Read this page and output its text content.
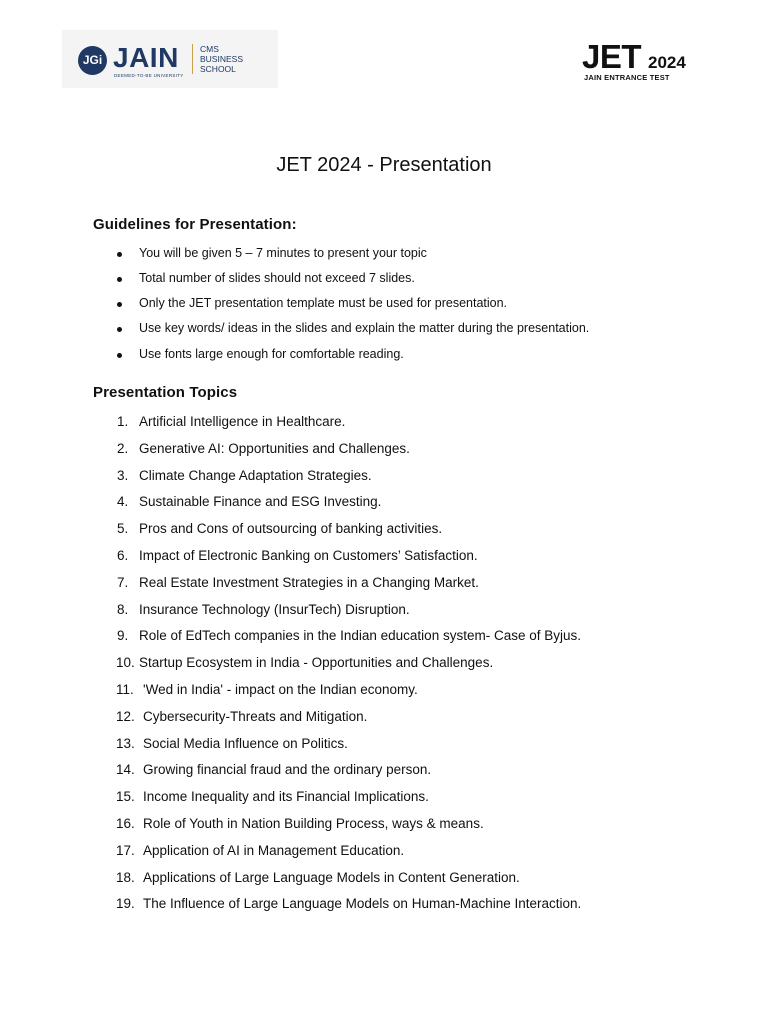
JGi JAIN
DEEMED-TO-BE UNIVERSITY
CMS
BUSINESS
SCHOOL	JET 2024
JAIN ENTRANCE TEST
JET 2024 - Presentation
Guidelines for Presentation:
You will be given 5 – 7 minutes to present your topic
Total number of slides should not exceed 7 slides.
Only the JET presentation template must be used for presentation.
Use key words/ ideas in the slides and explain the matter during the presentation.
Use fonts large enough for comfortable reading.
Presentation Topics
1. Artificial Intelligence in Healthcare.
2. Generative AI: Opportunities and Challenges.
3. Climate Change Adaptation Strategies.
4. Sustainable Finance and ESG Investing.
5. Pros and Cons of outsourcing of banking activities.
6. Impact of Electronic Banking on Customers’ Satisfaction.
7. Real Estate Investment Strategies in a Changing Market.
8. Insurance Technology (InsurTech) Disruption.
9. Role of EdTech companies in the Indian education system- Case of Byjus.
10. Startup Ecosystem in India - Opportunities and Challenges.
11. 'Wed in India' - impact on the Indian economy.
12. Cybersecurity-Threats and Mitigation.
13. Social Media Influence on Politics.
14. Growing financial fraud and the ordinary person.
15. Income Inequality and its Financial Implications.
16. Role of Youth in Nation Building Process, ways & means.
17. Application of AI in Management Education.
18. Applications of Large Language Models in Content Generation.
19. The Influence of Large Language Models on Human-Machine Interaction.
